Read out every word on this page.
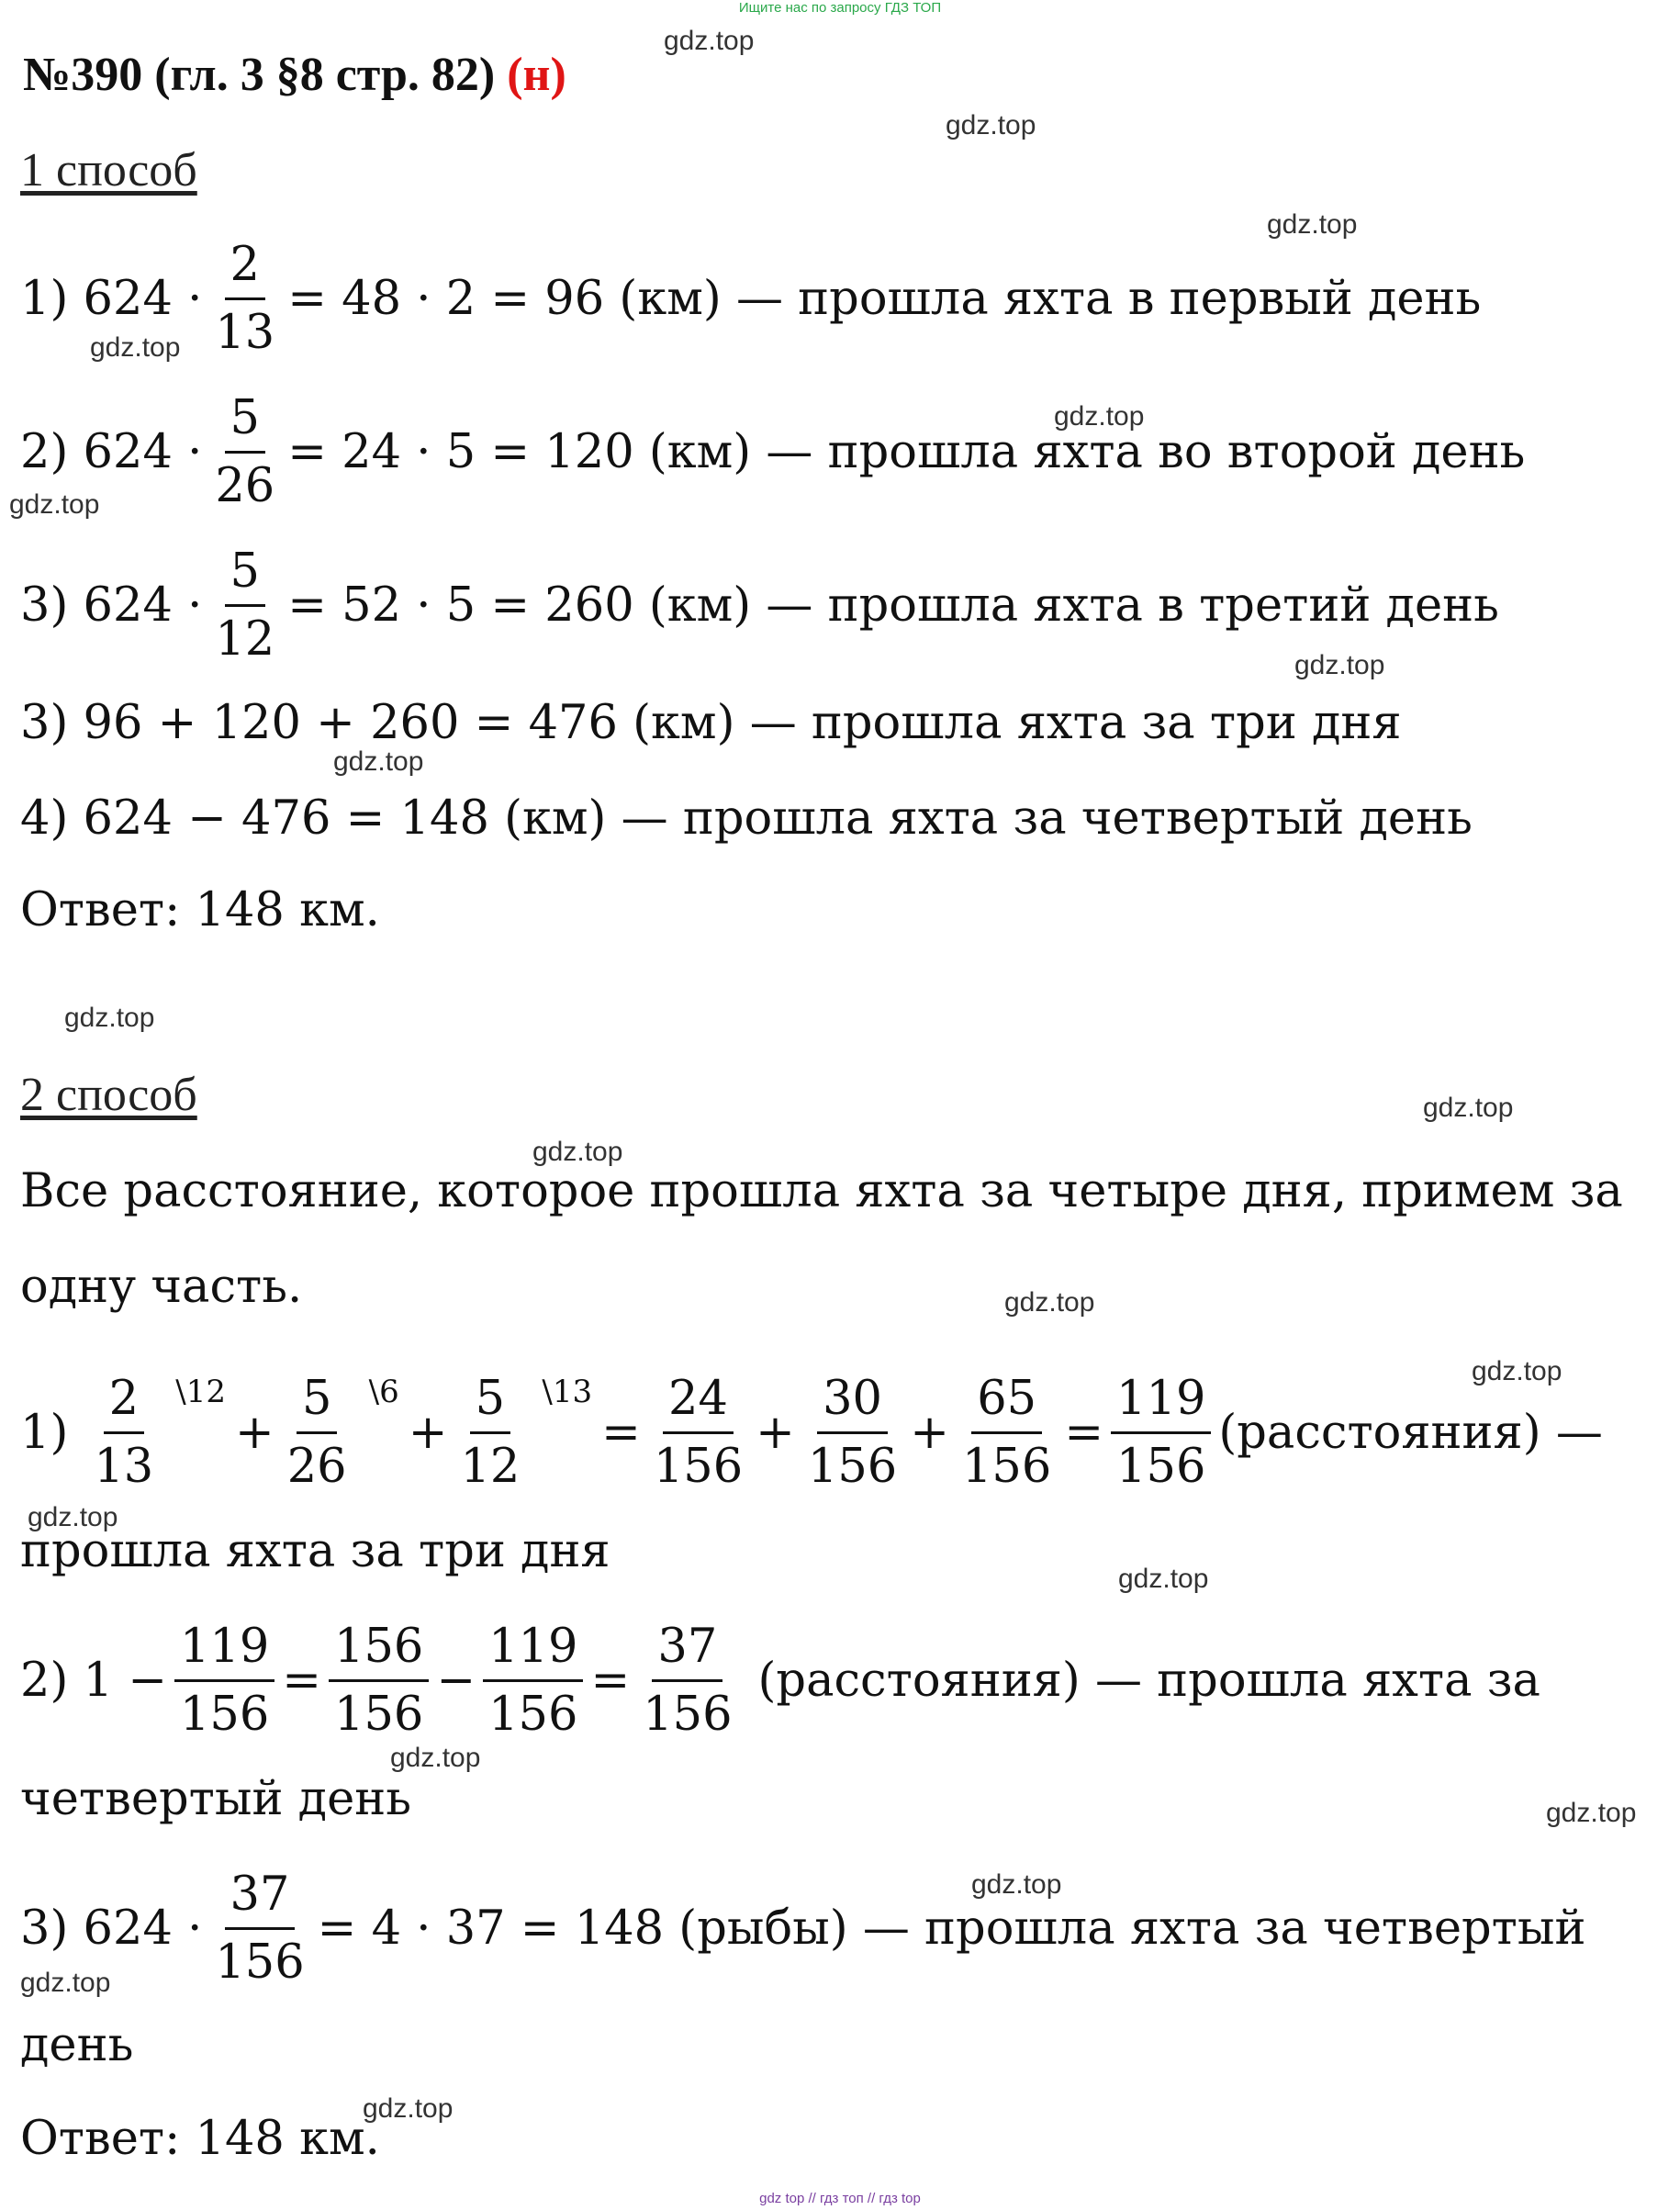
Ищите нас по запросу ГДЗ ТОП
№390 (гл. 3 §8 стр. 82) (н)
1 способ
1) $624 \cdot \frac{2}{13} = 48 \cdot 2 = 96$ (км) — прошла яхта в первый день
2) $624 \cdot \frac{5}{26} = 24 \cdot 5 = 120$ (км) — прошла яхта во второй день
3) $624 \cdot \frac{5}{12} = 52 \cdot 5 = 260$ (км) — прошла яхта в третий день
3) 96 + 120 + 260 = 476 (км) — прошла яхта за три дня
4) 624 − 476 = 148 (км) — прошла яхта за четвертый день
Ответ: 148 км.
2 способ
Все расстояние, которое прошла яхта за четыре дня, примем за
одну часть.
$1) \frac{2}{13}$ \12
+ $\frac{5}{26}$ \6
+ $\frac{5}{12}$ \13
= $\frac{24}{156} + \frac{30}{156} + \frac{65}{156} = \frac{119}{156}$ (расстояния) —
прошла яхта за три дня
2) $1 - \frac{119}{156} = \frac{156}{156} - \frac{119}{156} = \frac{37}{156}$ (расстояния) — прошла яхта за
четвертый день
3) $624 \cdot \frac{37}{156} = 4 \cdot 37 = 148$ (рыбы) — прошла яхта за четвертый
день
Ответ: 148 км.
gdz.top
gdz.top
gdz.top
gdz.top
gdz.top
gdz.top
gdz.top
gdz.top
gdz.top
gdz.top
gdz.top
gdz.top
gdz.top
gdz.top
gdz.top
gdz.top
gdz.top
gdz.top
gdz.top
gdz.top
gdz top // гдз топ // гдз top
